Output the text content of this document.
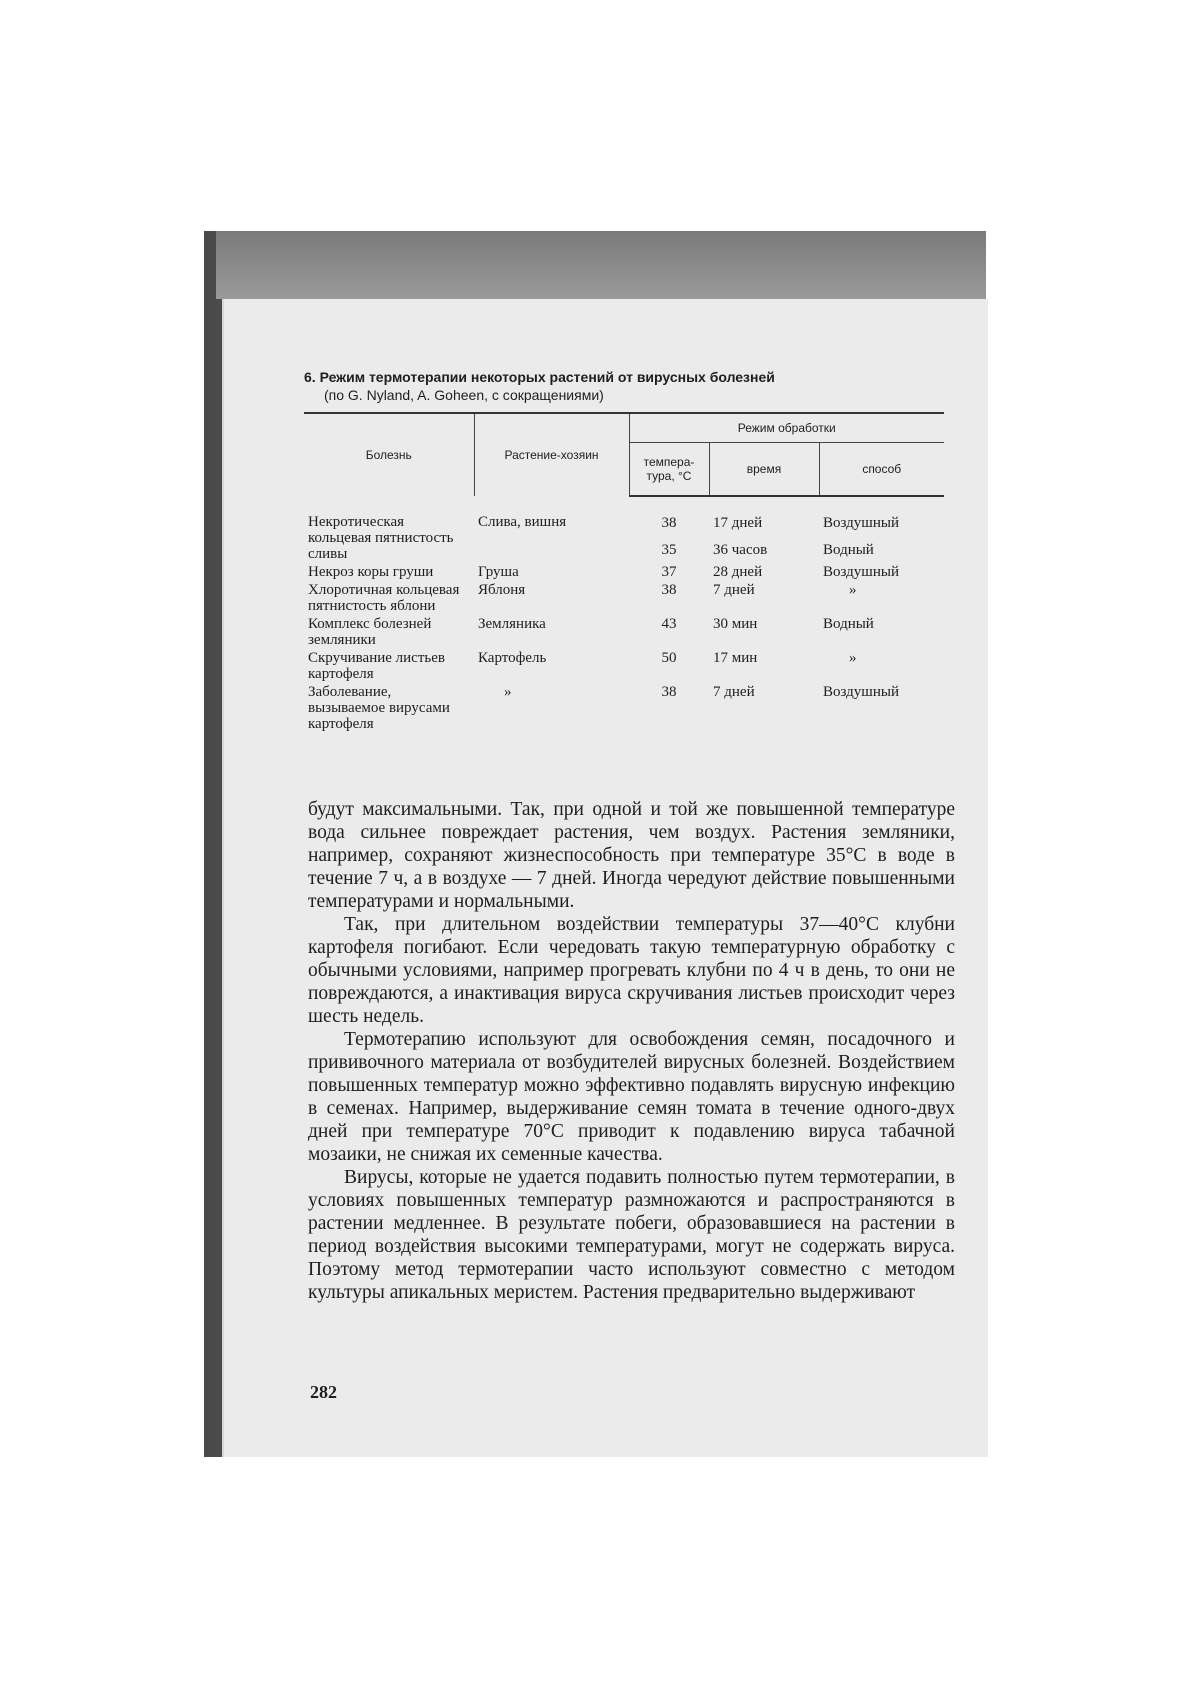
6. Режим термотерапии некоторых растений от вирусных болезней
(по G. Nyland, A. Goheen, с сокращениями)
Болезнь	Растение-хозяин	Режим обработки		
		темпера-тура, °C	время	способ
Некротическая кольцевая пятнистость сливы	Слива, вишня	38	17 дней	Воздушный
		35	36 часов	Водный
Некроз коры груши	Груша	37	28 дней	Воздушный
Хлоротичная кольцевая пятнистость яблони	Яблоня	38	7 дней	»
Комплекс болезней земляники	Земляника	43	30 мин	Водный
Скручивание листьев картофеля	Картофель	50	17 мин	»
Заболевание, вызываемое вирусами картофеля	»	38	7 дней	Воздушный

будут максимальными. Так, при одной и той же повышенной температуре вода сильнее повреждает растения, чем воздух. Растения земляники, например, сохраняют жизнеспособность при температуре 35°С в воде в течение 7 ч, а в воздухе — 7 дней. Иногда чередуют действие повышенными температурами и нормальными.

Так, при длительном воздействии температуры 37—40°С клубни картофеля погибают. Если чередовать такую температурную обработку с обычными условиями, например прогревать клубни по 4 ч в день, то они не повреждаются, а инактивация вируса скручивания листьев происходит через шесть недель.

Термотерапию используют для освобождения семян, посадочного и прививочного материала от возбудителей вирусных болезней. Воздействием повышенных температур можно эффективно подавлять вирусную инфекцию в семенах. Например, выдерживание семян томата в течение одного-двух дней при температуре 70°С приводит к подавлению вируса табачной мозаики, не снижая их семенные качества.

Вирусы, которые не удается подавить полностью путем термотерапии, в условиях повышенных температур размножаются и распространяются в растении медленнее. В результате побеги, образовавшиеся на растении в период воздействия высокими температурами, могут не содержать вируса. Поэтому метод термотерапии часто используют совместно с методом культуры апикальных меристем. Растения предварительно выдерживают

282
